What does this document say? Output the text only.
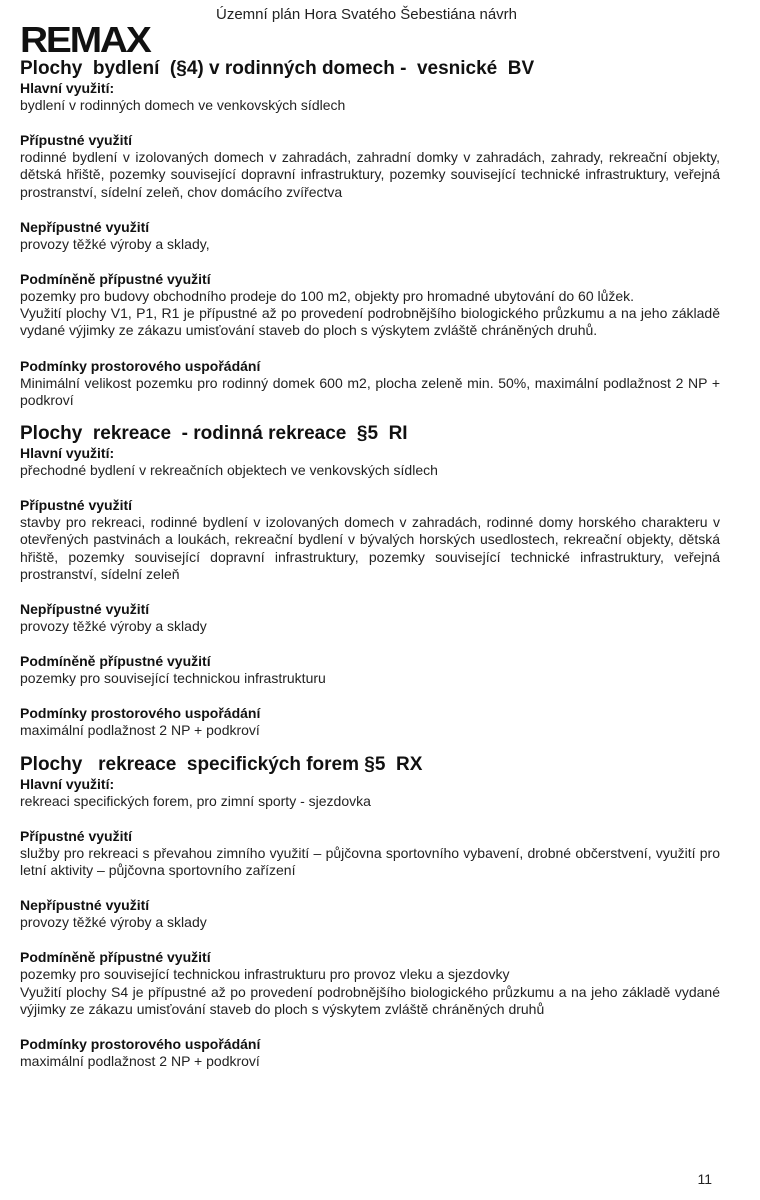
REMAX
Územní plán Hora Svatého Šebestiána návrh

Plochy  bydlení  (§4) v rodinných domech -  vesnické  BV

Hlavní využití:

bydlení v rodinných domech ve venkovských sídlech

Přípustné využití

rodinné bydlení v izolovaných domech v zahradách, zahradní domky v zahradách, zahrady, rekreační objekty, dětská hřiště, pozemky související dopravní infrastruktury, pozemky související technické infrastruktury, veřejná prostranství, sídelní zeleň, chov domácího zvířectva

Nepřípustné využití

provozy těžké výroby a sklady,

Podmíněně přípustné využití

pozemky pro budovy obchodního prodeje do 100 m2, objekty pro hromadné ubytování do 60 lůžek.

Využití plochy V1, P1, R1 je přípustné až po provedení podrobnějšího biologického průzkumu a na jeho základě vydané výjimky ze zákazu umisťování staveb do ploch s výskytem zvláště chráněných druhů.

Podmínky prostorového uspořádání

Minimální velikost pozemku pro rodinný domek 600 m2, plocha zeleně min. 50%, maximální podlažnost 2 NP + podkroví

Plochy  rekreace  - rodinná rekreace  §5  RI

Hlavní využití:

přechodné bydlení v rekreačních objektech ve venkovských sídlech

Přípustné využití

stavby pro rekreaci, rodinné bydlení v izolovaných domech v zahradách, rodinné domy horského charakteru v otevřených pastvinách a loukách, rekreační bydlení v bývalých horských usedlostech, rekreační objekty, dětská hřiště, pozemky související dopravní infrastruktury, pozemky související technické infrastruktury, veřejná prostranství, sídelní zeleň

Nepřípustné využití

provozy těžké výroby a sklady

Podmíněně přípustné využití

pozemky pro související technickou infrastrukturu

Podmínky prostorového uspořádání

maximální podlažnost 2 NP + podkroví

Plochy   rekreace  specifických forem §5  RX

Hlavní využití:

rekreaci specifických forem, pro zimní sporty - sjezdovka

Přípustné využití

služby pro rekreaci s převahou zimního využití – půjčovna sportovního vybavení, drobné občerstvení, využití pro letní aktivity – půjčovna sportovního zařízení

Nepřípustné využití

provozy těžké výroby a sklady

Podmíněně přípustné využití

pozemky pro související technickou infrastrukturu pro provoz vleku a sjezdovky

Využití plochy S4 je přípustné až po provedení podrobnějšího biologického průzkumu a na jeho základě vydané výjimky ze zákazu umisťování staveb do ploch s výskytem zvláště chráněných druhů

Podmínky prostorového uspořádání

maximální podlažnost 2 NP + podkroví

11
